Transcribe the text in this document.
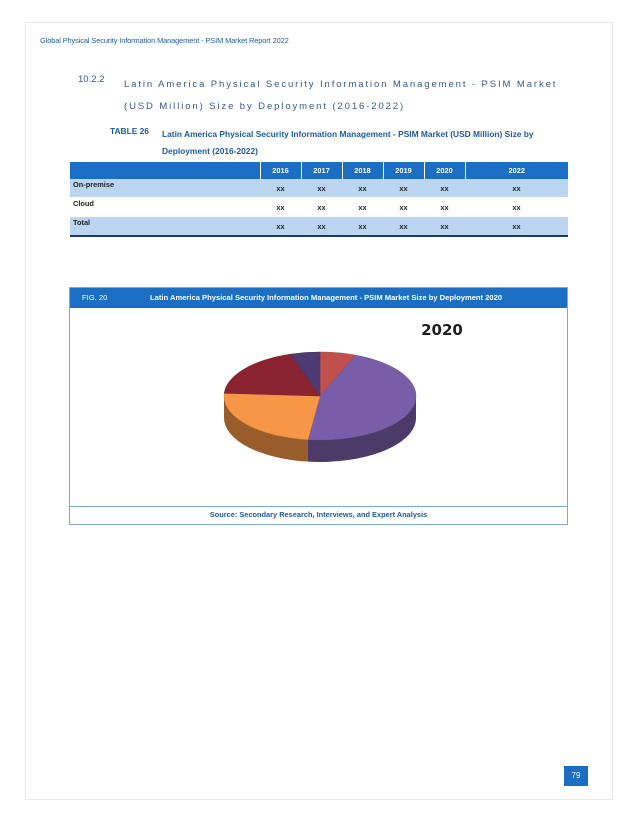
Global Physical Security Information Management - PSIM Market Report 2022
10.2.2 Latin America Physical Security Information Management - PSIM Market (USD Million) Size by Deployment (2016-2022)
TABLE 26 Latin America Physical Security Information Management - PSIM Market (USD Million) Size by Deployment (2016-2022)
	2016	2017	2018	2019	2020	2022
On-premise	xx	xx	xx	xx	xx	xx
Cloud	xx	xx	xx	xx	xx	xx
Total	xx	xx	xx	xx	xx	xx
FIG. 20	Latin America Physical Security Information Management - PSIM Market Size by Deployment 2020
2020
Source: Secondary Research, Interviews, and Expert Analysis
79
